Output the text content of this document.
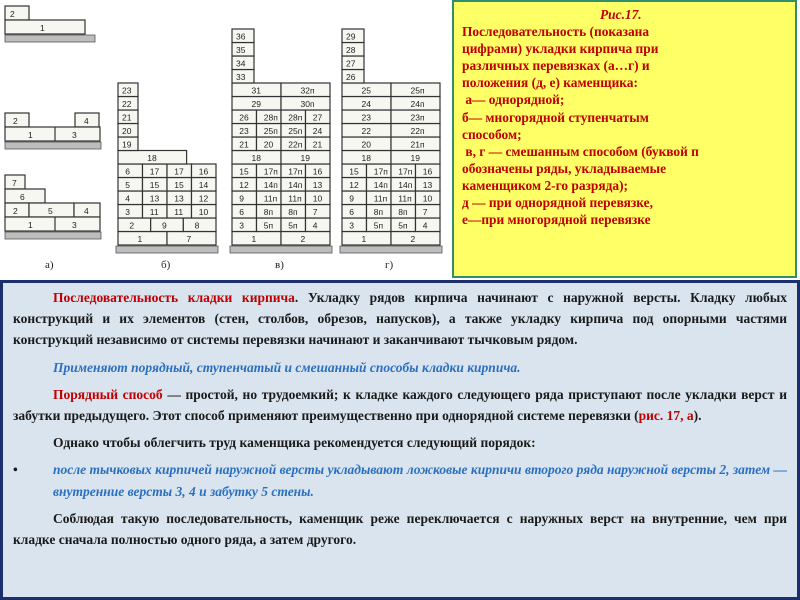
2
1
2	4
1	3
7
6
2	5	4
1	3
а)
1	7
2	9	8
3 11 11 10
4 13 13 12
5 15 15 14
6 17 17 16
18
19
20
21
22
23
б)
1	2
3 5п 5п 4
6 8п 8п 7
9 11п 11п 10
12 14п 14п 13
15 17п 17п 16
18	19
21 20 22п 21
23 25п 25п 24
26 28п 28п 27
29	30п
31	32п
33
34
35
36
в)
1	2
3 5п 5п 4
6 8п 8п 7
9 11п 11п 10
12 14п 14п 13
15 17п 17п 16
18	19
20	21п
22	22п
23	23п
24	24п
25	25п
26
27
28
29
г)
Рис.17.
Последовательность (показана
цифрами) укладки кирпича при
различных перевязках (а…г) и
положения (д, е) каменщика:
а— однорядной;
б— многорядной ступенчатым
способом;
в, г — смешанным способом (буквой п
обозначены ряды, укладываемые
каменщиком 2-го разряда);
д — при однорядной перевязке,
е—при многорядной перевязке

Последовательность кладки кирпича. Укладку рядов кирпича начинают с наружной версты. Кладку любых конструкций и их элементов (стен, столбов, обрезов, напусков), а также укладку кирпича под опорными частями конструкций независимо от системы перевязки начинают и заканчивают тычковым рядом.

Применяют порядный, ступенчатый и смешанный способы кладки кирпича.

Порядный способ — простой, но трудоемкий; к кладке каждого следующего ряда приступают после укладки верст и забутки предыдущего. Этот способ применяют преимущественно при однорядной системе перевязки (рис. 17, а).

Однако чтобы облегчить труд каменщика рекомендуется следующий порядок:

•	после тычковых кирпичей наружной версты укладывают ложковые кирпичи второго ряда наружной версты 2, затем — внутренние версты 3, 4 и забутку 5 стены.

Соблюдая такую последовательность, каменщик реже переключается с наружных верст на внутренние, чем при кладке сначала полностью одного ряда, а затем другого.
